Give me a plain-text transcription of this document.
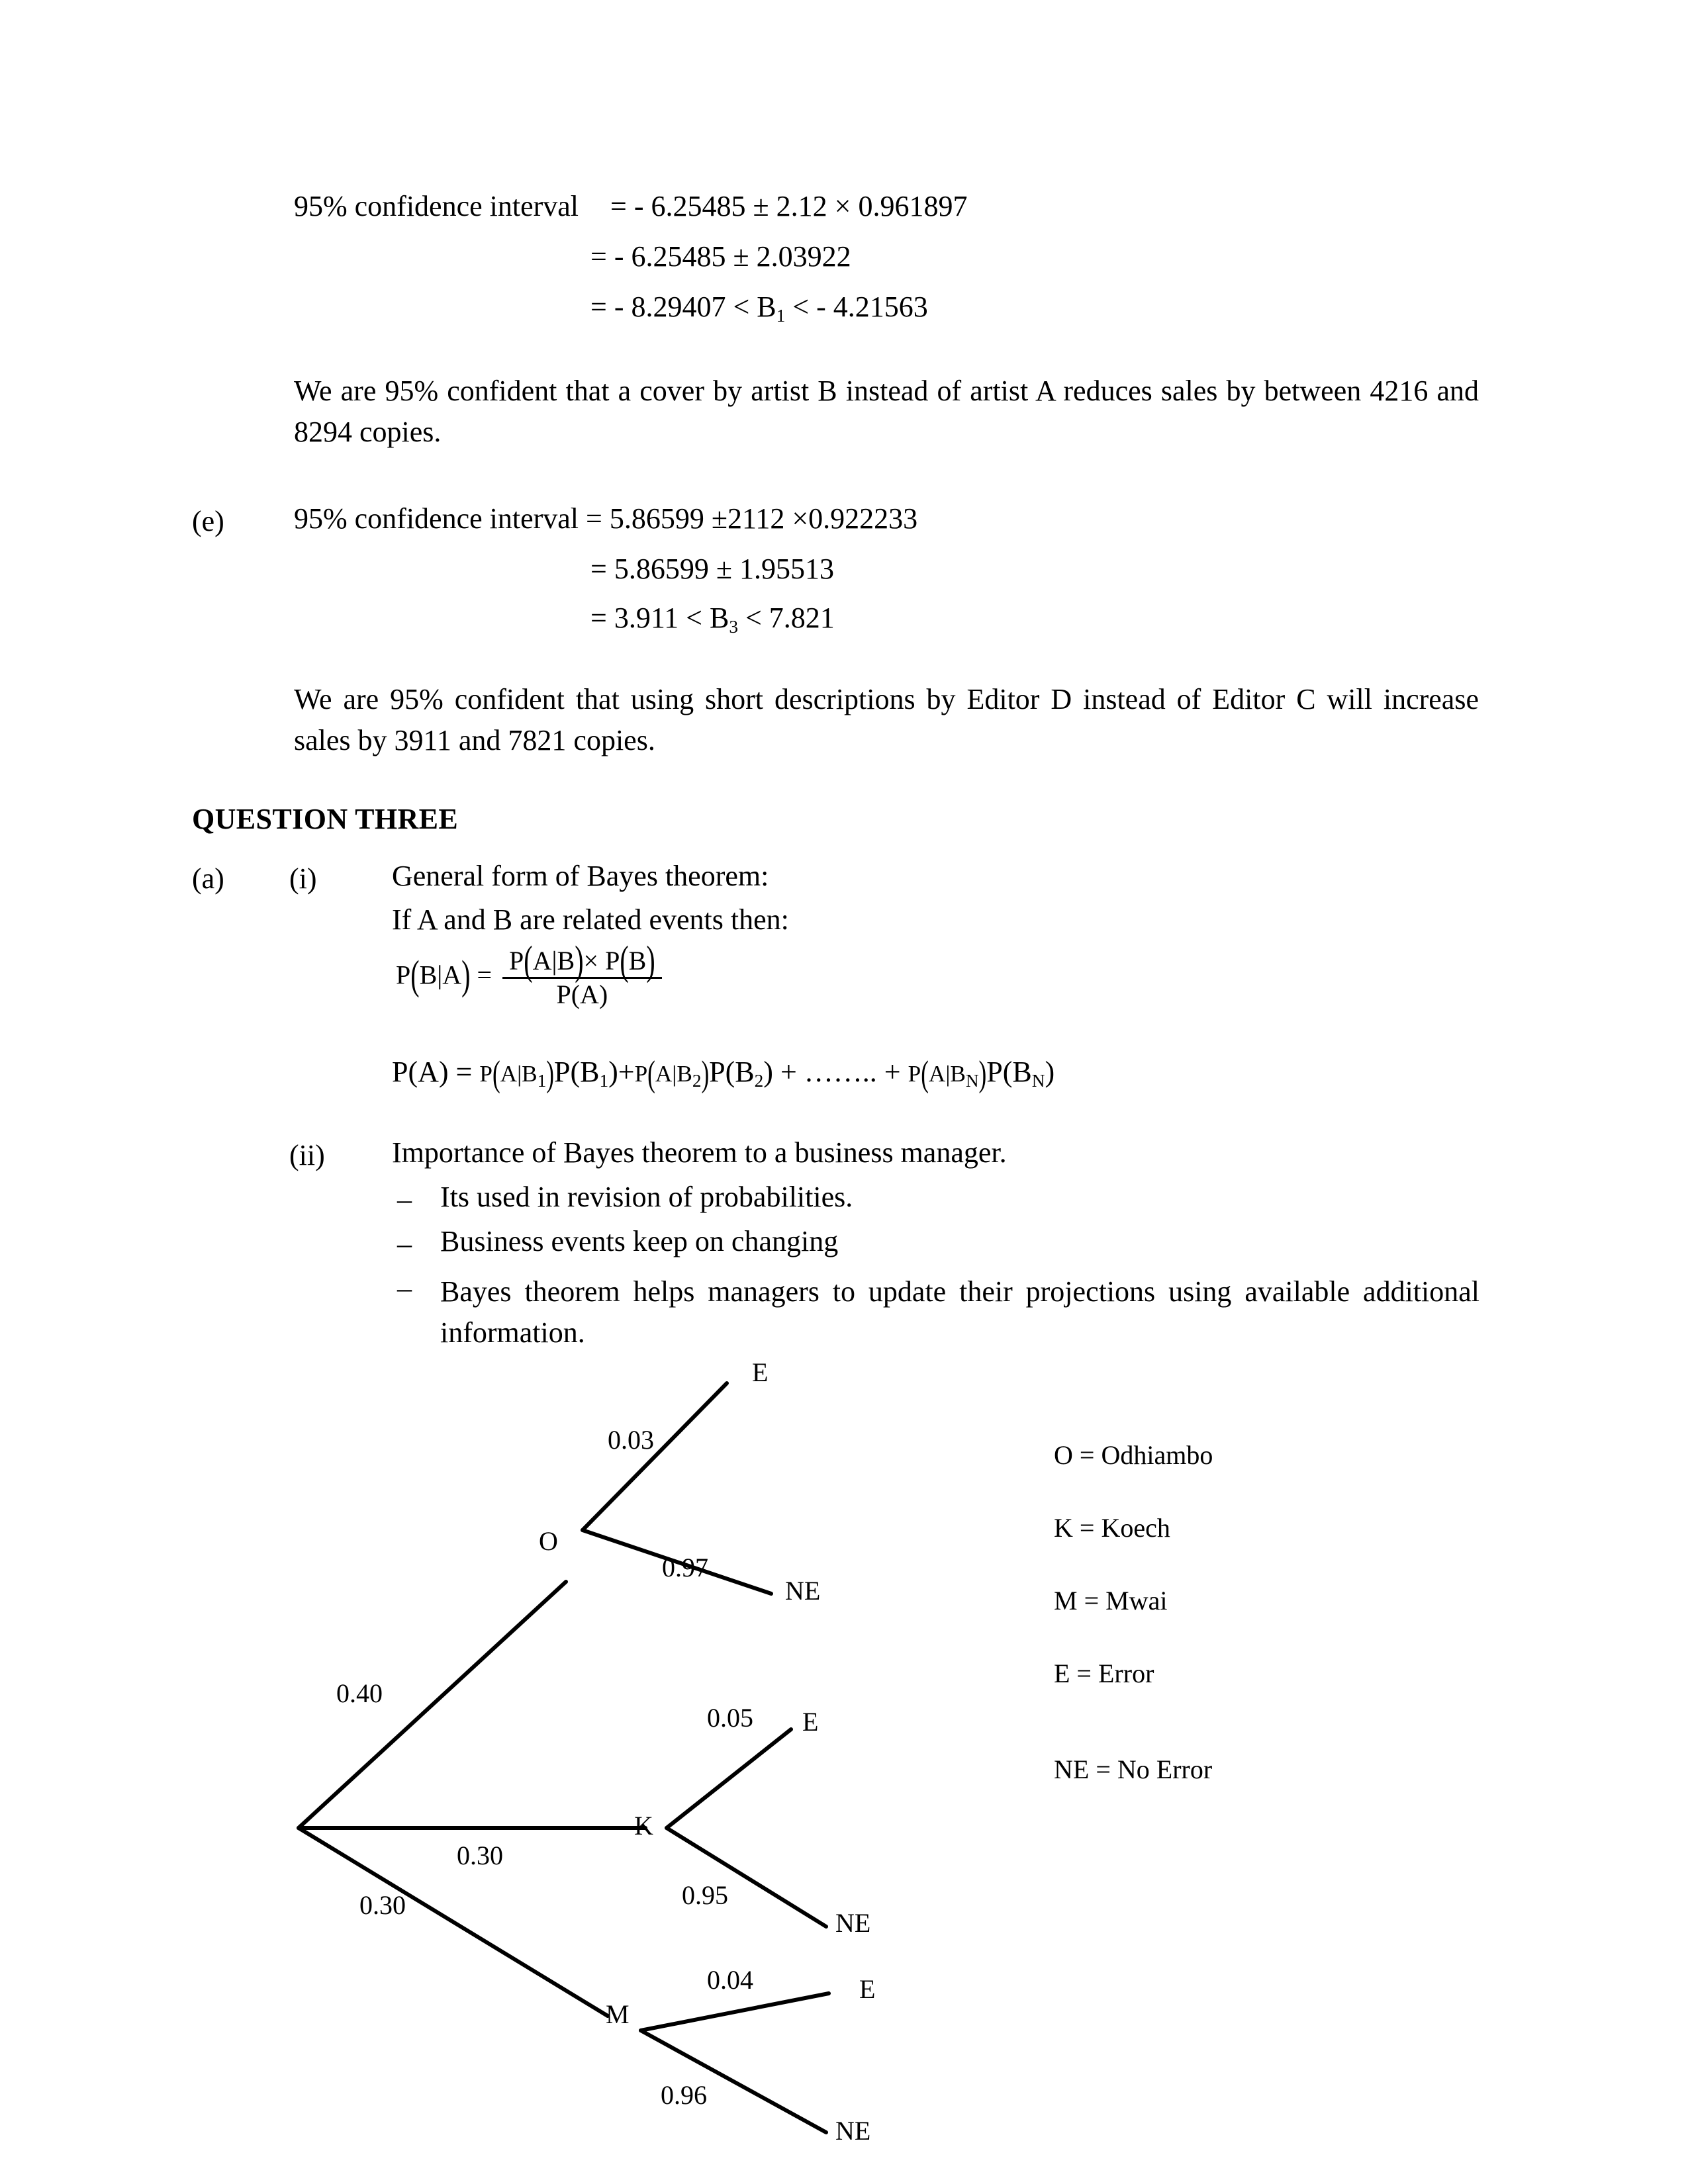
95% confidence interval = - 6.25485 ± 2.12 × 0.961897
= - 6.25485 ± 2.03922
= - $8.29407 < B_1$ < - 4.21563
We are 95% confident that a cover by artist B instead of artist A reduces sales by between 4216 and 8294 copies.
(e) 95% confidence interval = 5.86599 ±2112 ×0.922233
= 5.86599 ± 1.95513
= $3.911 < B_3 < 7.821$
We are 95% confident that using short descriptions by Editor D instead of Editor C will increase sales by 3911 and 7821 copies.
QUESTION THREE
(a) (i)	General form of Bayes theorem:
If A and B are related events then:
$P(B|A) = \frac{P(A|B)\times P(B)}{P(A)}$
$P(A) = P(A|B_1)P(B_1)+P(A|B_2)P(B_2)$ + …….. + $P(A|B_N)P(B_N)$
(ii) Importance of Bayes theorem to a business manager.
– Its used in revision of probabilities.
– Business events keep on changing
– Bayes theorem helps managers to update their projections using available additional information.
O
K
M
0.40
0.30
0.30
0.03
E
0.97
NE
0.05 E
0.95
NE
0.04	E
0.96
NE
O = Odhiambo
K = Koech
M = Mwai
E = Error
NE = No Error
